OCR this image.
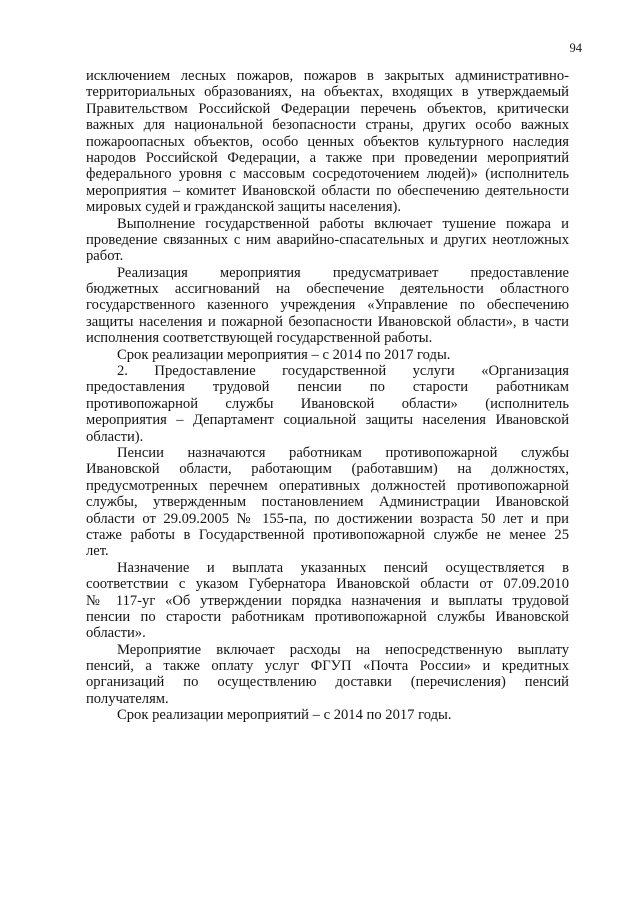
94
исключением лесных пожаров, пожаров в закрытых административно-
территориальных образованиях, на объектах, входящих в утверждаемый
Правительством Российской Федерации перечень объектов, критически
важных для национальной безопасности страны, других особо важных
пожароопасных объектов, особо ценных объектов культурного наследия
народов Российской Федерации, а также при проведении мероприятий
федерального уровня с массовым сосредоточением людей)» (исполнитель
мероприятия – комитет Ивановской области по обеспечению деятельности
мировых судей и гражданской защиты населения).
Выполнение государственной работы включает тушение пожара и
проведение связанных с ним аварийно-спасательных и других неотложных
работ.
Реализация мероприятия предусматривает предоставление
бюджетных ассигнований на обеспечение деятельности областного
государственного казенного учреждения «Управление по обеспечению
защиты населения и пожарной безопасности Ивановской области», в части
исполнения соответствующей государственной работы.
Срок реализации мероприятия – с 2014 по 2017 годы.
2. Предоставление государственной услуги «Организация
предоставления трудовой пенсии по старости работникам
противопожарной службы Ивановской области» (исполнитель
мероприятия – Департамент социальной защиты населения Ивановской
области).
Пенсии назначаются работникам противопожарной службы
Ивановской области, работающим (работавшим) на должностях,
предусмотренных перечнем оперативных должностей противопожарной
службы, утвержденным постановлением Администрации Ивановской
области от 29.09.2005 № 155-па, по достижении возраста 50 лет и при
стаже работы в Государственной противопожарной службе не менее 25
лет.
Назначение и выплата указанных пенсий осуществляется в
соответствии с указом Губернатора Ивановской области от 07.09.2010
№ 117-уг «Об утверждении порядка назначения и выплаты трудовой
пенсии по старости работникам противопожарной службы Ивановской
области».
Мероприятие включает расходы на непосредственную выплату
пенсий, а также оплату услуг ФГУП «Почта России» и кредитных
организаций по осуществлению доставки (перечисления) пенсий
получателям.
Срок реализации мероприятий – с 2014 по 2017 годы.
